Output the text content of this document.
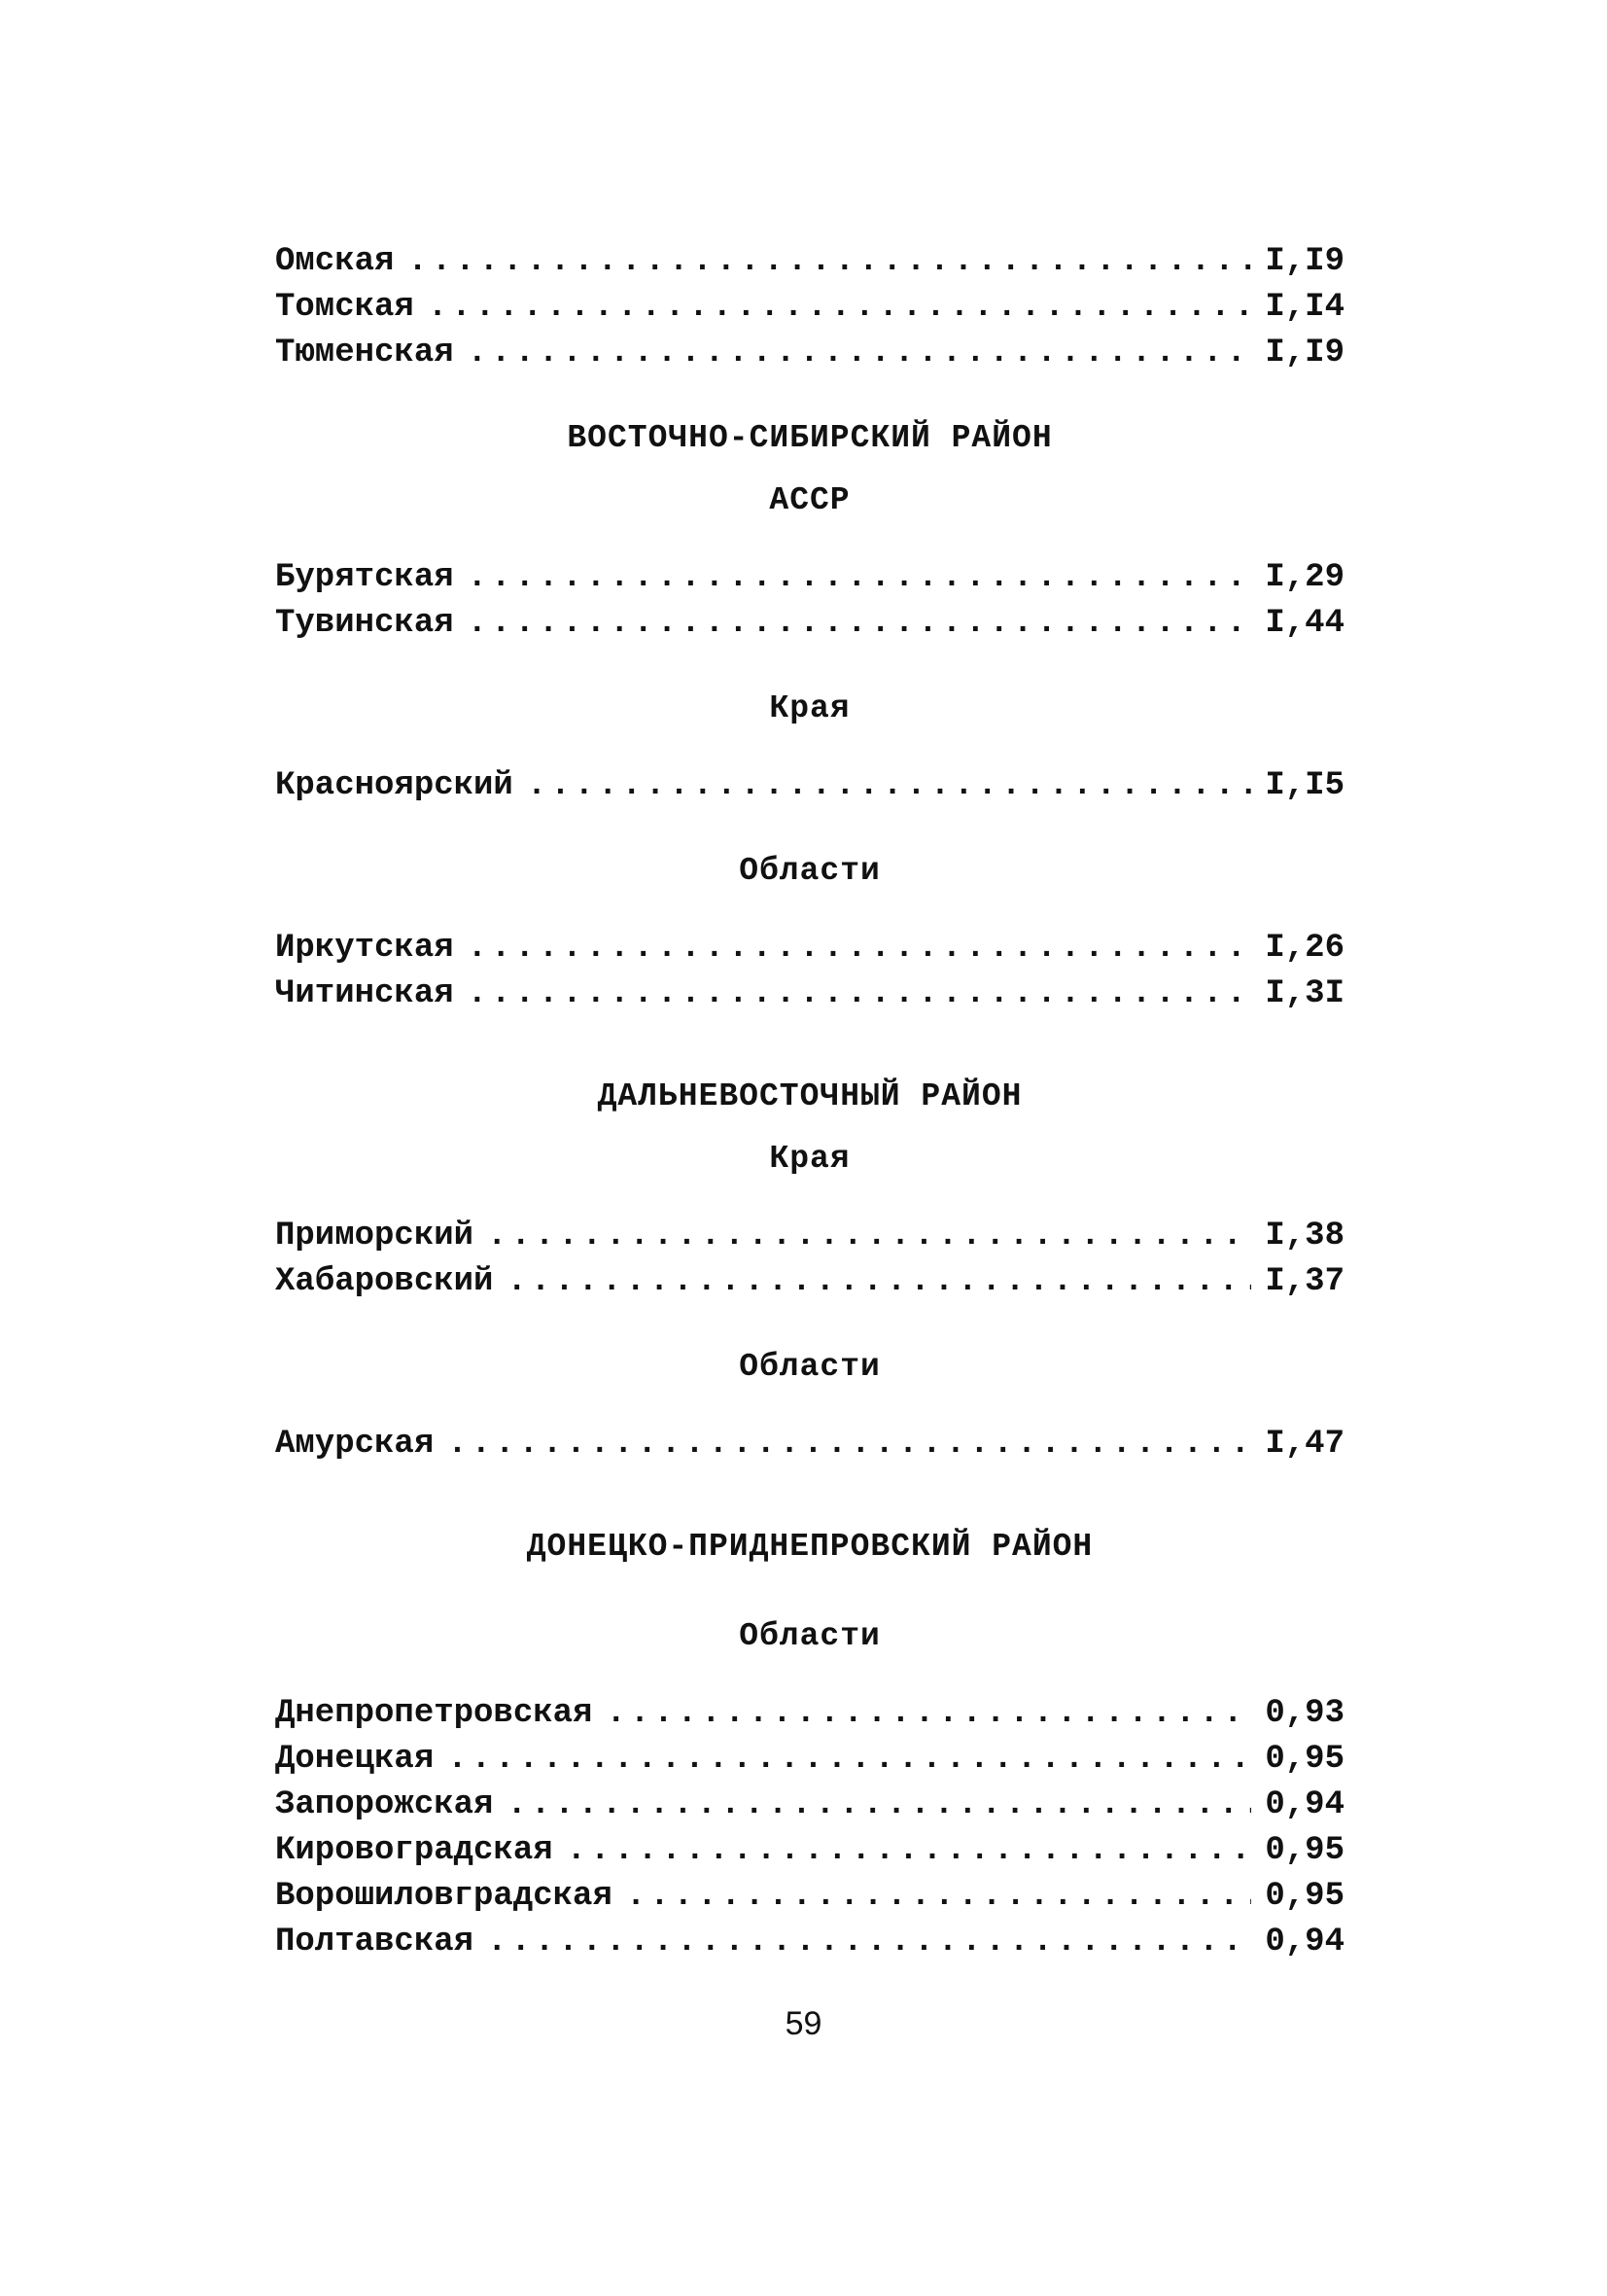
Омская .....	I,I9
Томская .....	I,I4
Тюменская .....	I,I9
ВОСТОЧНО-СИБИРСКИЙ РАЙОН
АССР
Бурятская .....	I,29
Тувинская .....	I,44
Края
Красноярский .....	I,I5
Области
Иркутская .....	I,26
Читинская .....	I,3I
ДАЛЬНЕВОСТОЧНЫЙ РАЙОН
Края
Приморский .....	I,38
Хабаровский .....	I,37
Области
Амурская .....	I,47
ДОНЕЦКО-ПРИДНЕПРОВСКИЙ РАЙОН
Области
Днепропетровская .....	0,93
Донецкая .....	0,95
Запорожская .....	0,94
Кировоградская .....	0,95
Ворошиловградская .....	0,95
Полтавская .....	0,94
59
